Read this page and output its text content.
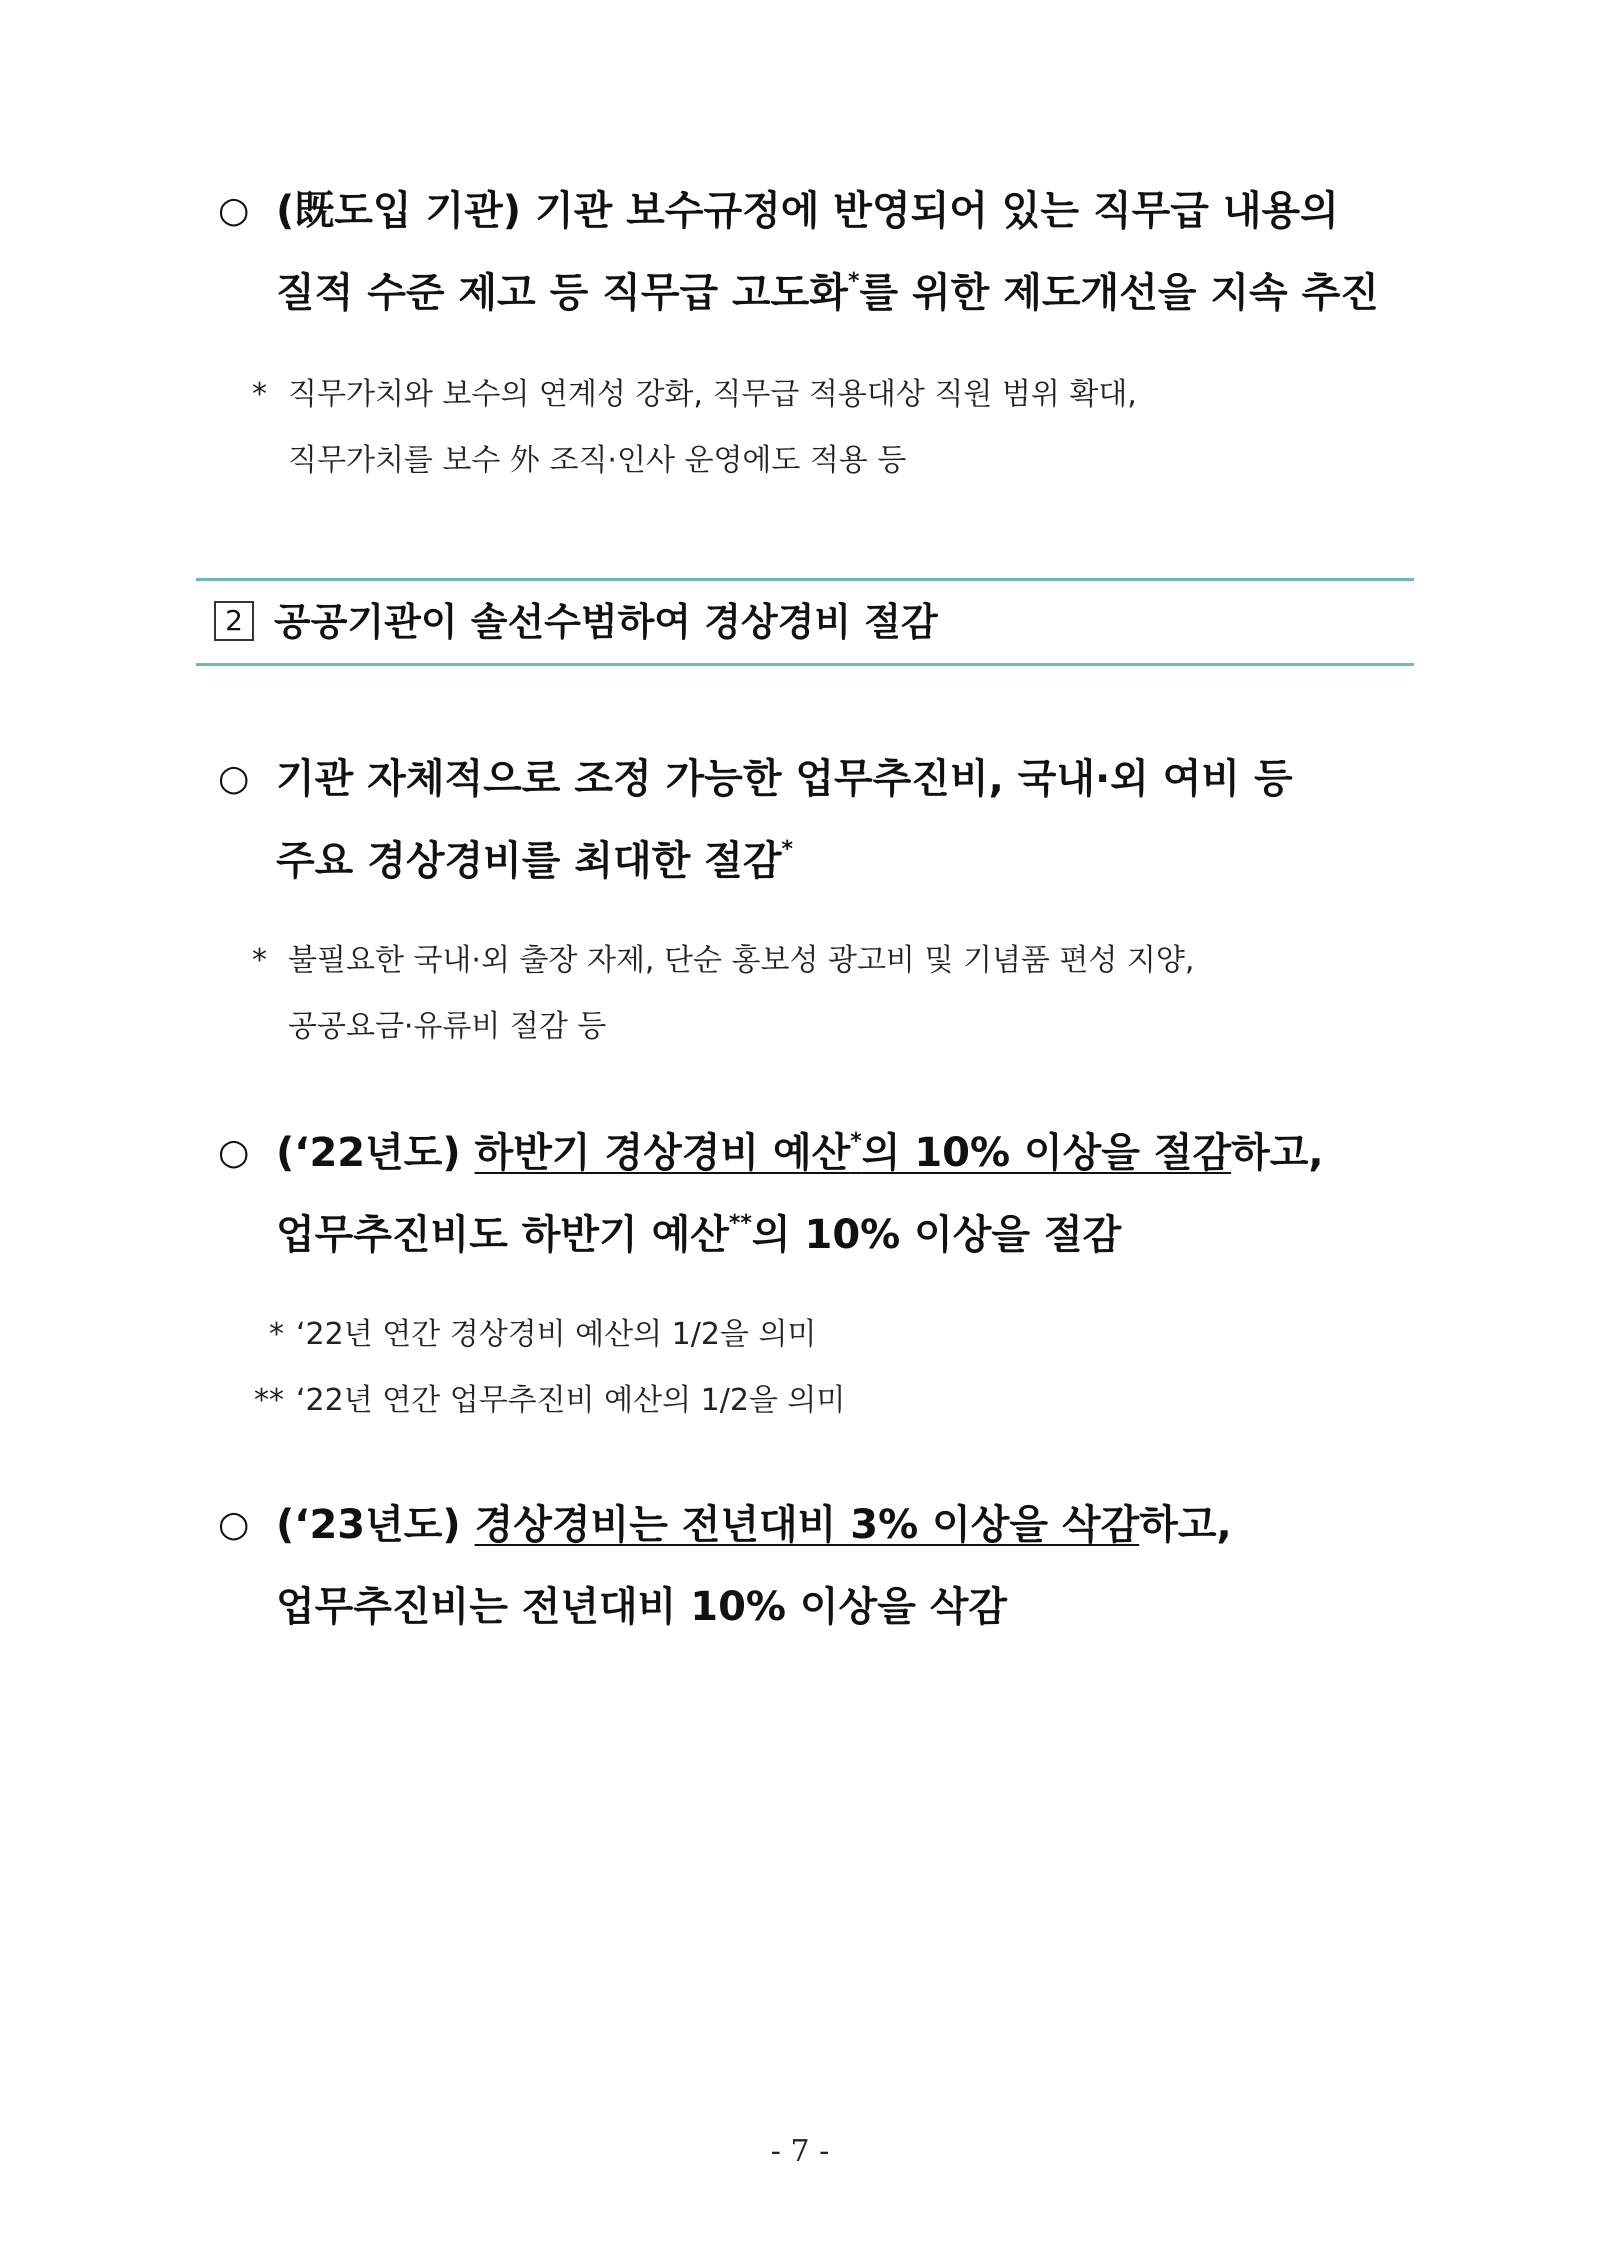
○ (既도입 기관) 기관 보수규정에 반영되어 있는 직무급 내용의
질적 수준 제고 등 직무급 고도화*를 위한 제도개선을 지속 추진
* 직무가치와 보수의 연계성 강화, 직무급 적용대상 직원 범위 확대,
직무가치를 보수 外 조직·인사 운영에도 적용 등
2 공공기관이 솔선수범하여 경상경비 절감
○ 기관 자체적으로 조정 가능한 업무추진비, 국내·외 여비 등
주요 경상경비를 최대한 절감*
* 불필요한 국내·외 출장 자제, 단순 홍보성 광고비 및 기념품 편성 지양,
공공요금·유류비 절감 등
○ (‘22년도) 하반기 경상경비 예산*의 10% 이상을 절감하고,
업무추진비도 하반기 예산**의 10% 이상을 절감
* ‘22년 연간 경상경비 예산의 1/2을 의미
** ‘22년 연간 업무추진비 예산의 1/2을 의미
○ (‘23년도) 경상경비는 전년대비 3% 이상을 삭감하고,
업무추진비는 전년대비 10% 이상을 삭감
- 7 -
